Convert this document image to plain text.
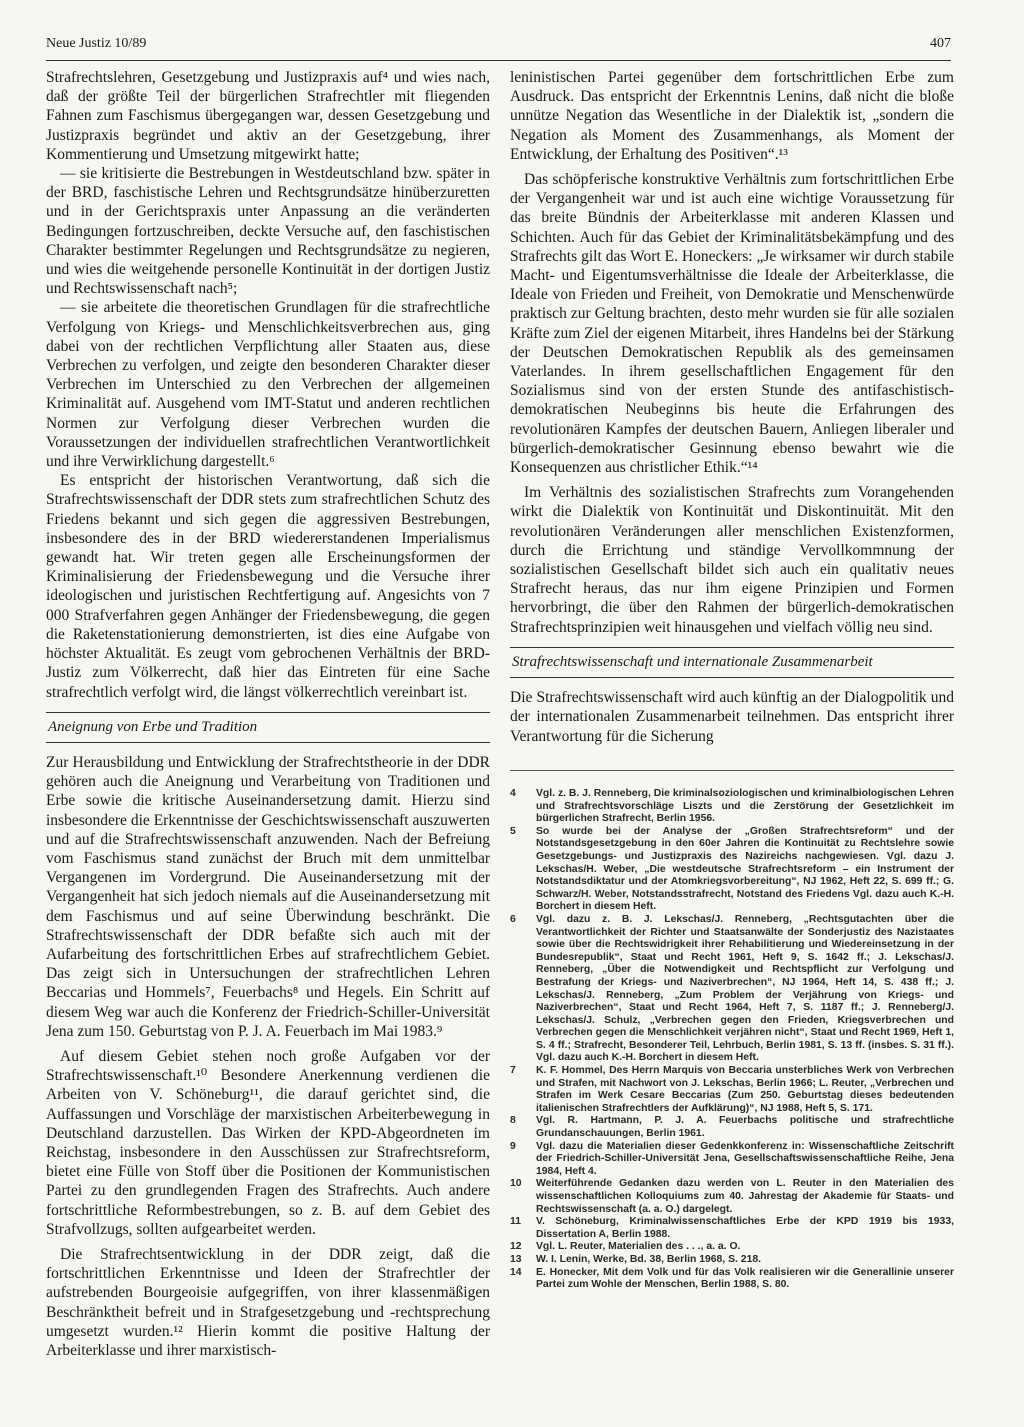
Neue Justiz 10/89	407

Strafrechtslehren, Gesetzgebung und Justizpraxis auf⁴ und wies nach, daß der größte Teil der bürgerlichen Strafrechtler mit fliegenden Fahnen zum Faschismus übergegangen war, dessen Gesetzgebung und Justizpraxis begründet und aktiv an der Gesetzgebung, ihrer Kommentierung und Umsetzung mitgewirkt hatte;

— sie kritisierte die Bestrebungen in Westdeutschland bzw. später in der BRD, faschistische Lehren und Rechtsgrundsätze hinüberzuretten und in der Gerichtspraxis unter Anpassung an die veränderten Bedingungen fortzuschreiben, deckte Versuche auf, den faschistischen Charakter bestimmter Regelungen und Rechtsgrundsätze zu negieren, und wies die weitgehende personelle Kontinuität in der dortigen Justiz und Rechtswissenschaft nach⁵;

— sie arbeitete die theoretischen Grundlagen für die strafrechtliche Verfolgung von Kriegs- und Menschlichkeitsverbrechen aus, ging dabei von der rechtlichen Verpflichtung aller Staaten aus, diese Verbrechen zu verfolgen, und zeigte den besonderen Charakter dieser Verbrechen im Unterschied zu den Verbrechen der allgemeinen Kriminalität auf. Ausgehend vom IMT-Statut und anderen rechtlichen Normen zur Verfolgung dieser Verbrechen wurden die Voraussetzungen der individuellen strafrechtlichen Verantwortlichkeit und ihre Verwirklichung dargestellt.⁶

Es entspricht der historischen Verantwortung, daß sich die Strafrechtswissenschaft der DDR stets zum strafrechtlichen Schutz des Friedens bekannt und sich gegen die aggressiven Bestrebungen, insbesondere des in der BRD wiedererstandenen Imperialismus gewandt hat. Wir treten gegen alle Erscheinungsformen der Kriminalisierung der Friedensbewegung und die Versuche ihrer ideologischen und juristischen Rechtfertigung auf. Angesichts von 7 000 Strafverfahren gegen Anhänger der Friedensbewegung, die gegen die Raketenstationierung demonstrierten, ist dies eine Aufgabe von höchster Aktualität. Es zeugt vom gebrochenen Verhältnis der BRD-Justiz zum Völkerrecht, daß hier das Eintreten für eine Sache strafrechtlich verfolgt wird, die längst völkerrechtlich vereinbart ist.

Aneignung von Erbe und Tradition

Zur Herausbildung und Entwicklung der Strafrechtstheorie in der DDR gehören auch die Aneignung und Verarbeitung von Traditionen und Erbe sowie die kritische Auseinandersetzung damit. Hierzu sind insbesondere die Erkenntnisse der Geschichtswissenschaft auszuwerten und auf die Strafrechtswissenschaft anzuwenden. Nach der Befreiung vom Faschismus stand zunächst der Bruch mit dem unmittelbar Vergangenen im Vordergrund. Die Auseinandersetzung mit der Vergangenheit hat sich jedoch niemals auf die Auseinandersetzung mit dem Faschismus und auf seine Überwindung beschränkt. Die Strafrechtswissenschaft der DDR befaßte sich auch mit der Aufarbeitung des fortschrittlichen Erbes auf strafrechtlichem Gebiet. Das zeigt sich in Untersuchungen der strafrechtlichen Lehren Beccarias und Hommels⁷, Feuerbachs⁸ und Hegels. Ein Schritt auf diesem Weg war auch die Konferenz der Friedrich-Schiller-Universität Jena zum 150. Geburtstag von P. J. A. Feuerbach im Mai 1983.⁹

Auf diesem Gebiet stehen noch große Aufgaben vor der Strafrechtswissenschaft.¹⁰ Besondere Anerkennung verdienen die Arbeiten von V. Schöneburg¹¹, die darauf gerichtet sind, die Auffassungen und Vorschläge der marxistischen Arbeiterbewegung in Deutschland darzustellen. Das Wirken der KPD-Abgeordneten im Reichstag, insbesondere in den Ausschüssen zur Strafrechtsreform, bietet eine Fülle von Stoff über die Positionen der Kommunistischen Partei zu den grundlegenden Fragen des Strafrechts. Auch andere fortschrittliche Reformbestrebungen, so z. B. auf dem Gebiet des Strafvollzugs, sollten aufgearbeitet werden.

Die Strafrechtsentwicklung in der DDR zeigt, daß die fortschrittlichen Erkenntnisse und Ideen der Strafrechtler der aufstrebenden Bourgeoisie aufgegriffen, von ihrer klassenmäßigen Beschränktheit befreit und in Strafgesetzgebung und -rechtsprechung umgesetzt wurden.¹² Hierin kommt die positive Haltung der Arbeiterklasse und ihrer marxistisch-

leninistischen Partei gegenüber dem fortschrittlichen Erbe zum Ausdruck. Das entspricht der Erkenntnis Lenins, daß nicht die bloße unnütze Negation das Wesentliche in der Dialektik ist, „sondern die Negation als Moment des Zusammenhangs, als Moment der Entwicklung, der Erhaltung des Positiven“.¹³

Das schöpferische konstruktive Verhältnis zum fortschrittlichen Erbe der Vergangenheit war und ist auch eine wichtige Voraussetzung für das breite Bündnis der Arbeiterklasse mit anderen Klassen und Schichten. Auch für das Gebiet der Kriminalitätsbekämpfung und des Strafrechts gilt das Wort E. Honeckers: „Je wirksamer wir durch stabile Macht- und Eigentumsverhältnisse die Ideale der Arbeiterklasse, die Ideale von Frieden und Freiheit, von Demokratie und Menschenwürde praktisch zur Geltung brachten, desto mehr wurden sie für alle sozialen Kräfte zum Ziel der eigenen Mitarbeit, ihres Handelns bei der Stärkung der Deutschen Demokratischen Republik als des gemeinsamen Vaterlandes. In ihrem gesellschaftlichen Engagement für den Sozialismus sind von der ersten Stunde des antifaschistisch-demokratischen Neubeginns bis heute die Erfahrungen des revolutionären Kampfes der deutschen Bauern, Anliegen liberaler und bürgerlich-demokratischer Gesinnung ebenso bewahrt wie die Konsequenzen aus christlicher Ethik.“¹⁴

Im Verhältnis des sozialistischen Strafrechts zum Vorangehenden wirkt die Dialektik von Kontinuität und Diskontinuität. Mit den revolutionären Veränderungen aller menschlichen Existenzformen, durch die Errichtung und ständige Vervollkommnung der sozialistischen Gesellschaft bildet sich auch ein qualitativ neues Strafrecht heraus, das nur ihm eigene Prinzipien und Formen hervorbringt, die über den Rahmen der bürgerlich-demokratischen Strafrechtsprinzipien weit hinausgehen und vielfach völlig neu sind.

Strafrechtswissenschaft und internationale Zusammenarbeit

Die Strafrechtswissenschaft wird auch künftig an der Dialogpolitik und der internationalen Zusammenarbeit teilnehmen. Das entspricht ihrer Verantwortung für die Sicherung

4	Vgl. z. B. J. Renneberg, Die kriminalsoziologischen und kriminalbiologischen Lehren und Strafrechtsvorschläge Liszts und die Zerstörung der Gesetzlichkeit im bürgerlichen Strafrecht, Berlin 1956.
5	So wurde bei der Analyse der „Großen Strafrechtsreform“ und der Notstandsgesetzgebung in den 60er Jahren die Kontinuität zu Rechtslehre sowie Gesetzgebungs- und Justizpraxis des Nazireichs nachgewiesen. Vgl. dazu J. Lekschas/H. Weber, „Die westdeutsche Strafrechtsreform – ein Instrument der Notstandsdiktatur und der Atomkriegsvorbereitung“, NJ 1962, Heft 22, S. 699 ff.; G. Schwarz/H. Weber, Notstandsstrafrecht, Notstand des Friedens Vgl. dazu auch K.-H. Borchert in diesem Heft.
6	Vgl. dazu z. B. J. Lekschas/J. Renneberg, „Rechtsgutachten über die Verantwortlichkeit der Richter und Staatsanwälte der Sonderjustiz des Nazistaates sowie über die Rechtswidrigkeit ihrer Rehabilitierung und Wiedereinsetzung in der Bundesrepublik“, Staat und Recht 1961, Heft 9, S. 1642 ff.; J. Lekschas/J. Renneberg, „Über die Notwendigkeit und Rechtspflicht zur Verfolgung und Bestrafung der Kriegs- und Naziverbrechen“, NJ 1964, Heft 14, S. 438 ff.; J. Lekschas/J. Renneberg, „Zum Problem der Verjährung von Kriegs- und Naziverbrechen“, Staat und Recht 1964, Heft 7, S. 1187 ff.; J. Renneberg/J. Lekschas/J. Schulz, „Verbrechen gegen den Frieden, Kriegsverbrechen und Verbrechen gegen die Menschlichkeit verjähren nicht“, Staat und Recht 1969, Heft 1, S. 4 ff.; Strafrecht, Besonderer Teil, Lehrbuch, Berlin 1981, S. 13 ff. (insbes. S. 31 ff.). Vgl. dazu auch K.-H. Borchert in diesem Heft.
7	K. F. Hommel, Des Herrn Marquis von Beccaria unsterbliches Werk von Verbrechen und Strafen, mit Nachwort von J. Lekschas, Berlin 1966; L. Reuter, „Verbrechen und Strafen im Werk Cesare Beccarias (Zum 250. Geburtstag dieses bedeutenden italienischen Strafrechtlers der Aufklärung)“, NJ 1988, Heft 5, S. 171.
8	Vgl. R. Hartmann, P. J. A. Feuerbachs politische und strafrechtliche Grundanschauungen, Berlin 1961.
9	Vgl. dazu die Materialien dieser Gedenkkonferenz in: Wissenschaftliche Zeitschrift der Friedrich-Schiller-Universität Jena, Gesellschaftswissenschaftliche Reihe, Jena 1984, Heft 4.
10	Weiterführende Gedanken dazu werden von L. Reuter in den Materialien des wissenschaftlichen Kolloquiums zum 40. Jahrestag der Akademie für Staats- und Rechtswissenschaft (a. a. O.) dargelegt.
11	V. Schöneburg, Kriminalwissenschaftliches Erbe der KPD 1919 bis 1933, Dissertation A, Berlin 1988.
12	Vgl. L. Reuter, Materialien des . . ., a. a. O.
13	W. I. Lenin, Werke, Bd. 38, Berlin 1968, S. 218.
14	E. Honecker, Mit dem Volk und für das Volk realisieren wir die Generallinie unserer Partei zum Wohle der Menschen, Berlin 1988, S. 80.
